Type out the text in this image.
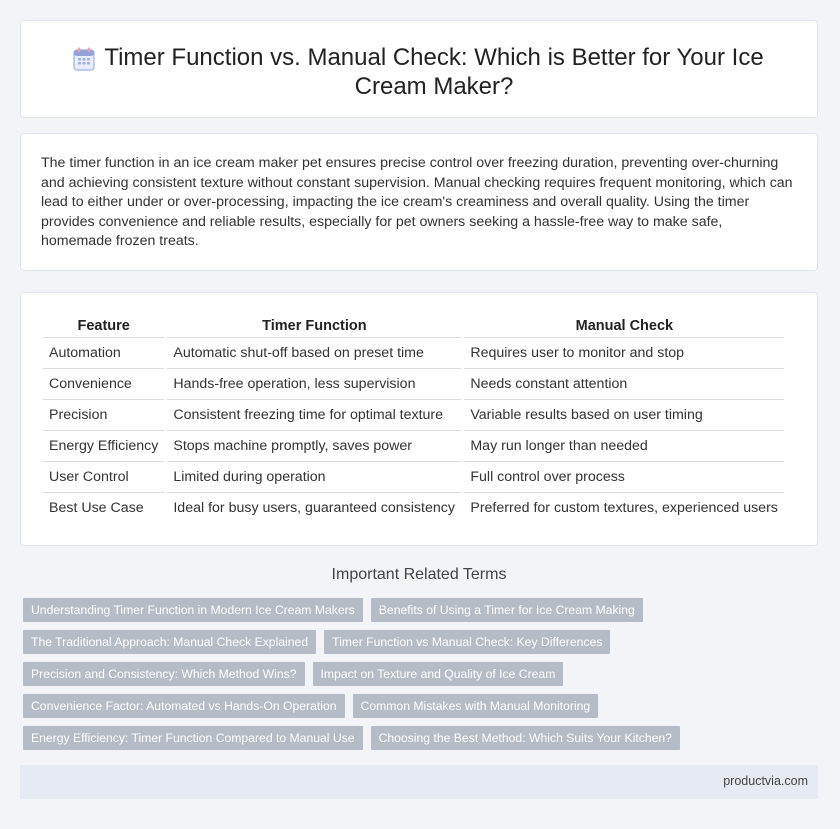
Timer Function vs. Manual Check: Which is Better for Your Ice Cream Maker?

The timer function in an ice cream maker pet ensures precise control over freezing duration, preventing over-churning and achieving consistent texture without constant supervision. Manual checking requires frequent monitoring, which can lead to either under or over-processing, impacting the ice cream's creaminess and overall quality. Using the timer provides convenience and reliable results, especially for pet owners seeking a hassle-free way to make safe, homemade frozen treats.

Feature	Timer Function	Manual Check
Automation	Automatic shut-off based on preset time	Requires user to monitor and stop
Convenience	Hands-free operation, less supervision	Needs constant attention
Precision	Consistent freezing time for optimal texture	Variable results based on user timing
Energy Efficiency	Stops machine promptly, saves power	May run longer than needed
User Control	Limited during operation	Full control over process
Best Use Case	Ideal for busy users, guaranteed consistency	Preferred for custom textures, experienced users
Important Related Terms
Understanding Timer Function in Modern Ice Cream Makers	Benefits of Using a Timer for Ice Cream Making
The Traditional Approach: Manual Check Explained	Timer Function vs Manual Check: Key Differences
Precision and Consistency: Which Method Wins?	Impact on Texture and Quality of Ice Cream
Convenience Factor: Automated vs Hands-On Operation	Common Mistakes with Manual Monitoring
Energy Efficiency: Timer Function Compared to Manual Use	Choosing the Best Method: Which Suits Your Kitchen?
productvia.com
